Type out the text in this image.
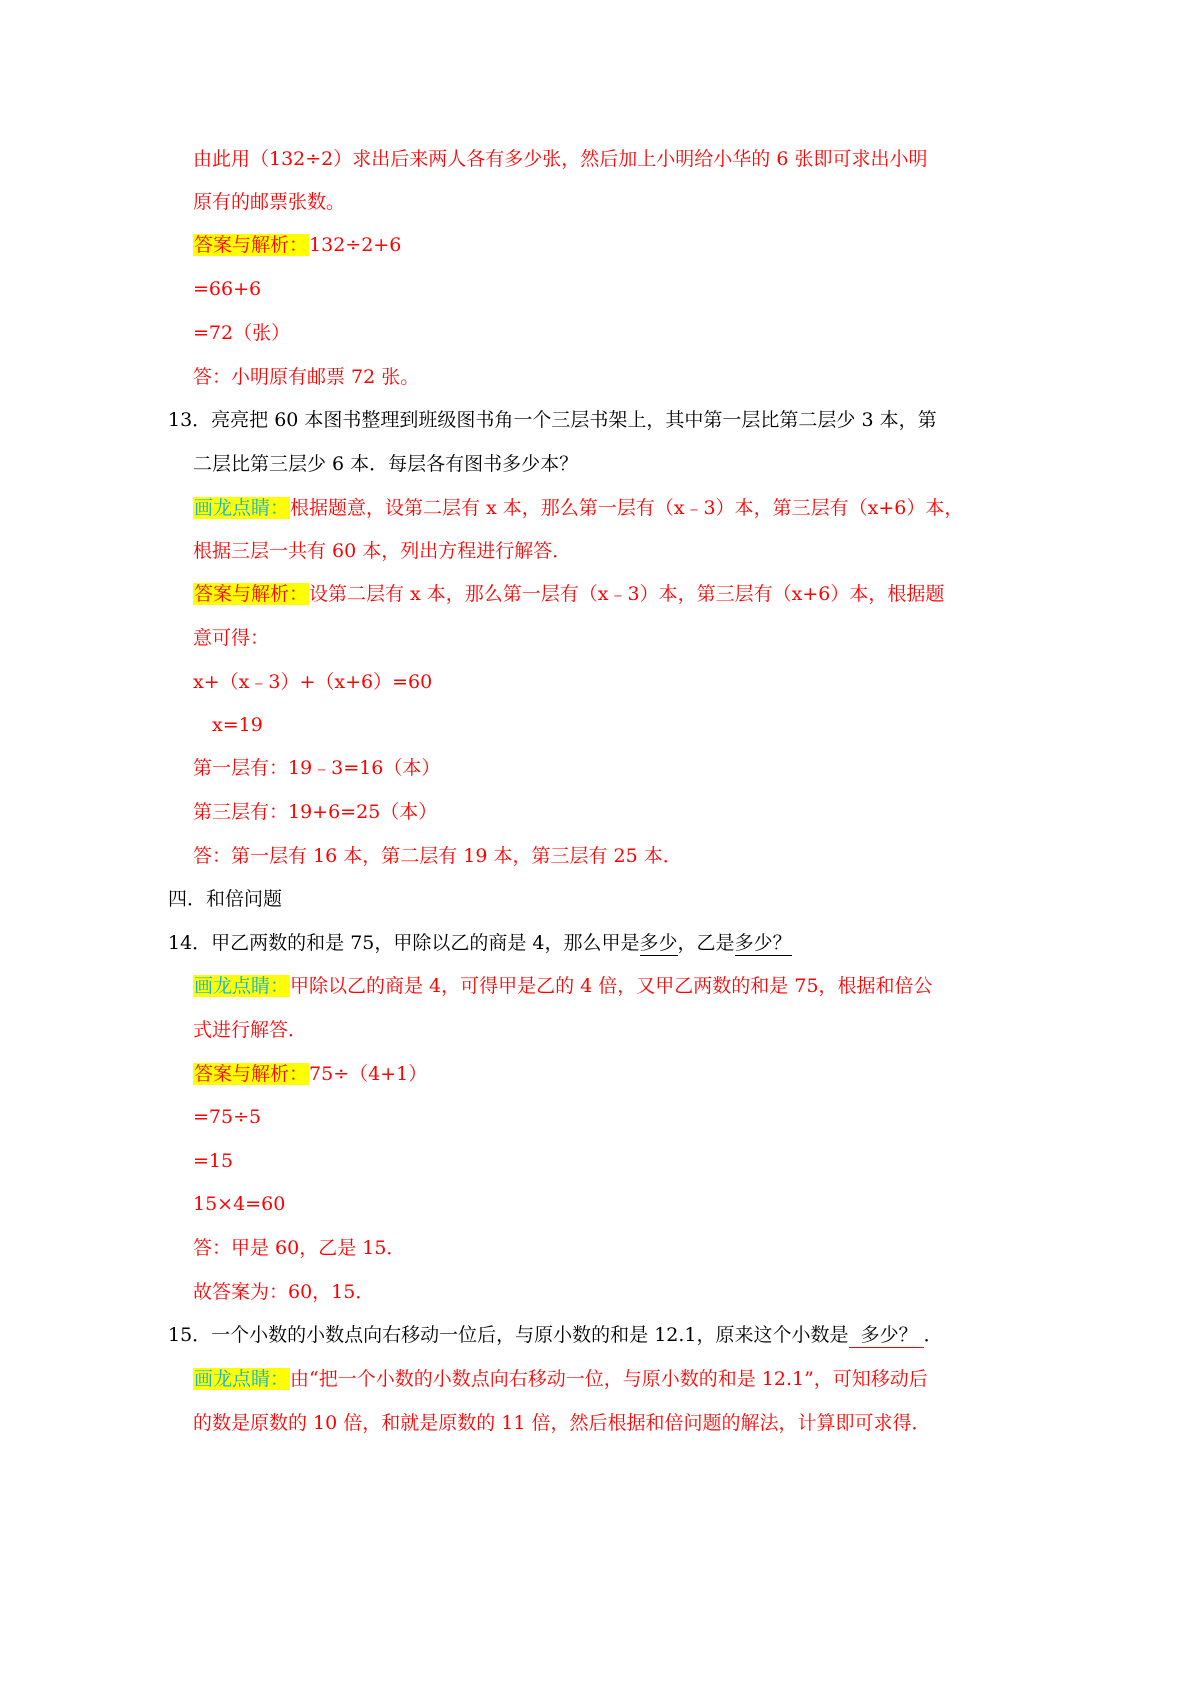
由此用（132÷2）求出后来两人各有多少张，然后加上小明给小华的 6 张即可求出小明
原有的邮票张数。
答案与解析：132÷2+6
=66+6
=72（张）
答：小明原有邮票 72 张。
13．亮亮把 60 本图书整理到班级图书角一个三层书架上，其中第一层比第二层少 3 本，第
二层比第三层少 6 本．每层各有图书多少本？
画龙点睛：根据题意，设第二层有 x 本，那么第一层有（x﹣3）本，第三层有（x+6）本，
根据三层一共有 60 本，列出方程进行解答．
答案与解析：设第二层有 x 本，那么第一层有（x﹣3）本，第三层有（x+6）本，根据题
意可得：
x+（x﹣3）+（x+6）=60
x=19
第一层有：19﹣3=16（本）
第三层有：19+6=25（本）
答：第一层有 16 本，第二层有 19 本，第三层有 25 本．
四．和倍问题
14．甲乙两数的和是 75，甲除以乙的商是 4，那么甲是多少，乙是多少？
画龙点睛：甲除以乙的商是 4，可得甲是乙的 4 倍，又甲乙两数的和是 75，根据和倍公
式进行解答．
答案与解析：75÷（4+1）
=75÷5
=15
15×4=60
答：甲是 60，乙是 15．
故答案为：60，15．
15．一个小数的小数点向右移动一位后，与原小数的和是 12.1，原来这个小数是  多少？ ．
画龙点睛：由“把一个小数的小数点向右移动一位，与原小数的和是 12.1”，可知移动后
的数是原数的 10 倍，和就是原数的 11 倍，然后根据和倍问题的解法，计算即可求得．
